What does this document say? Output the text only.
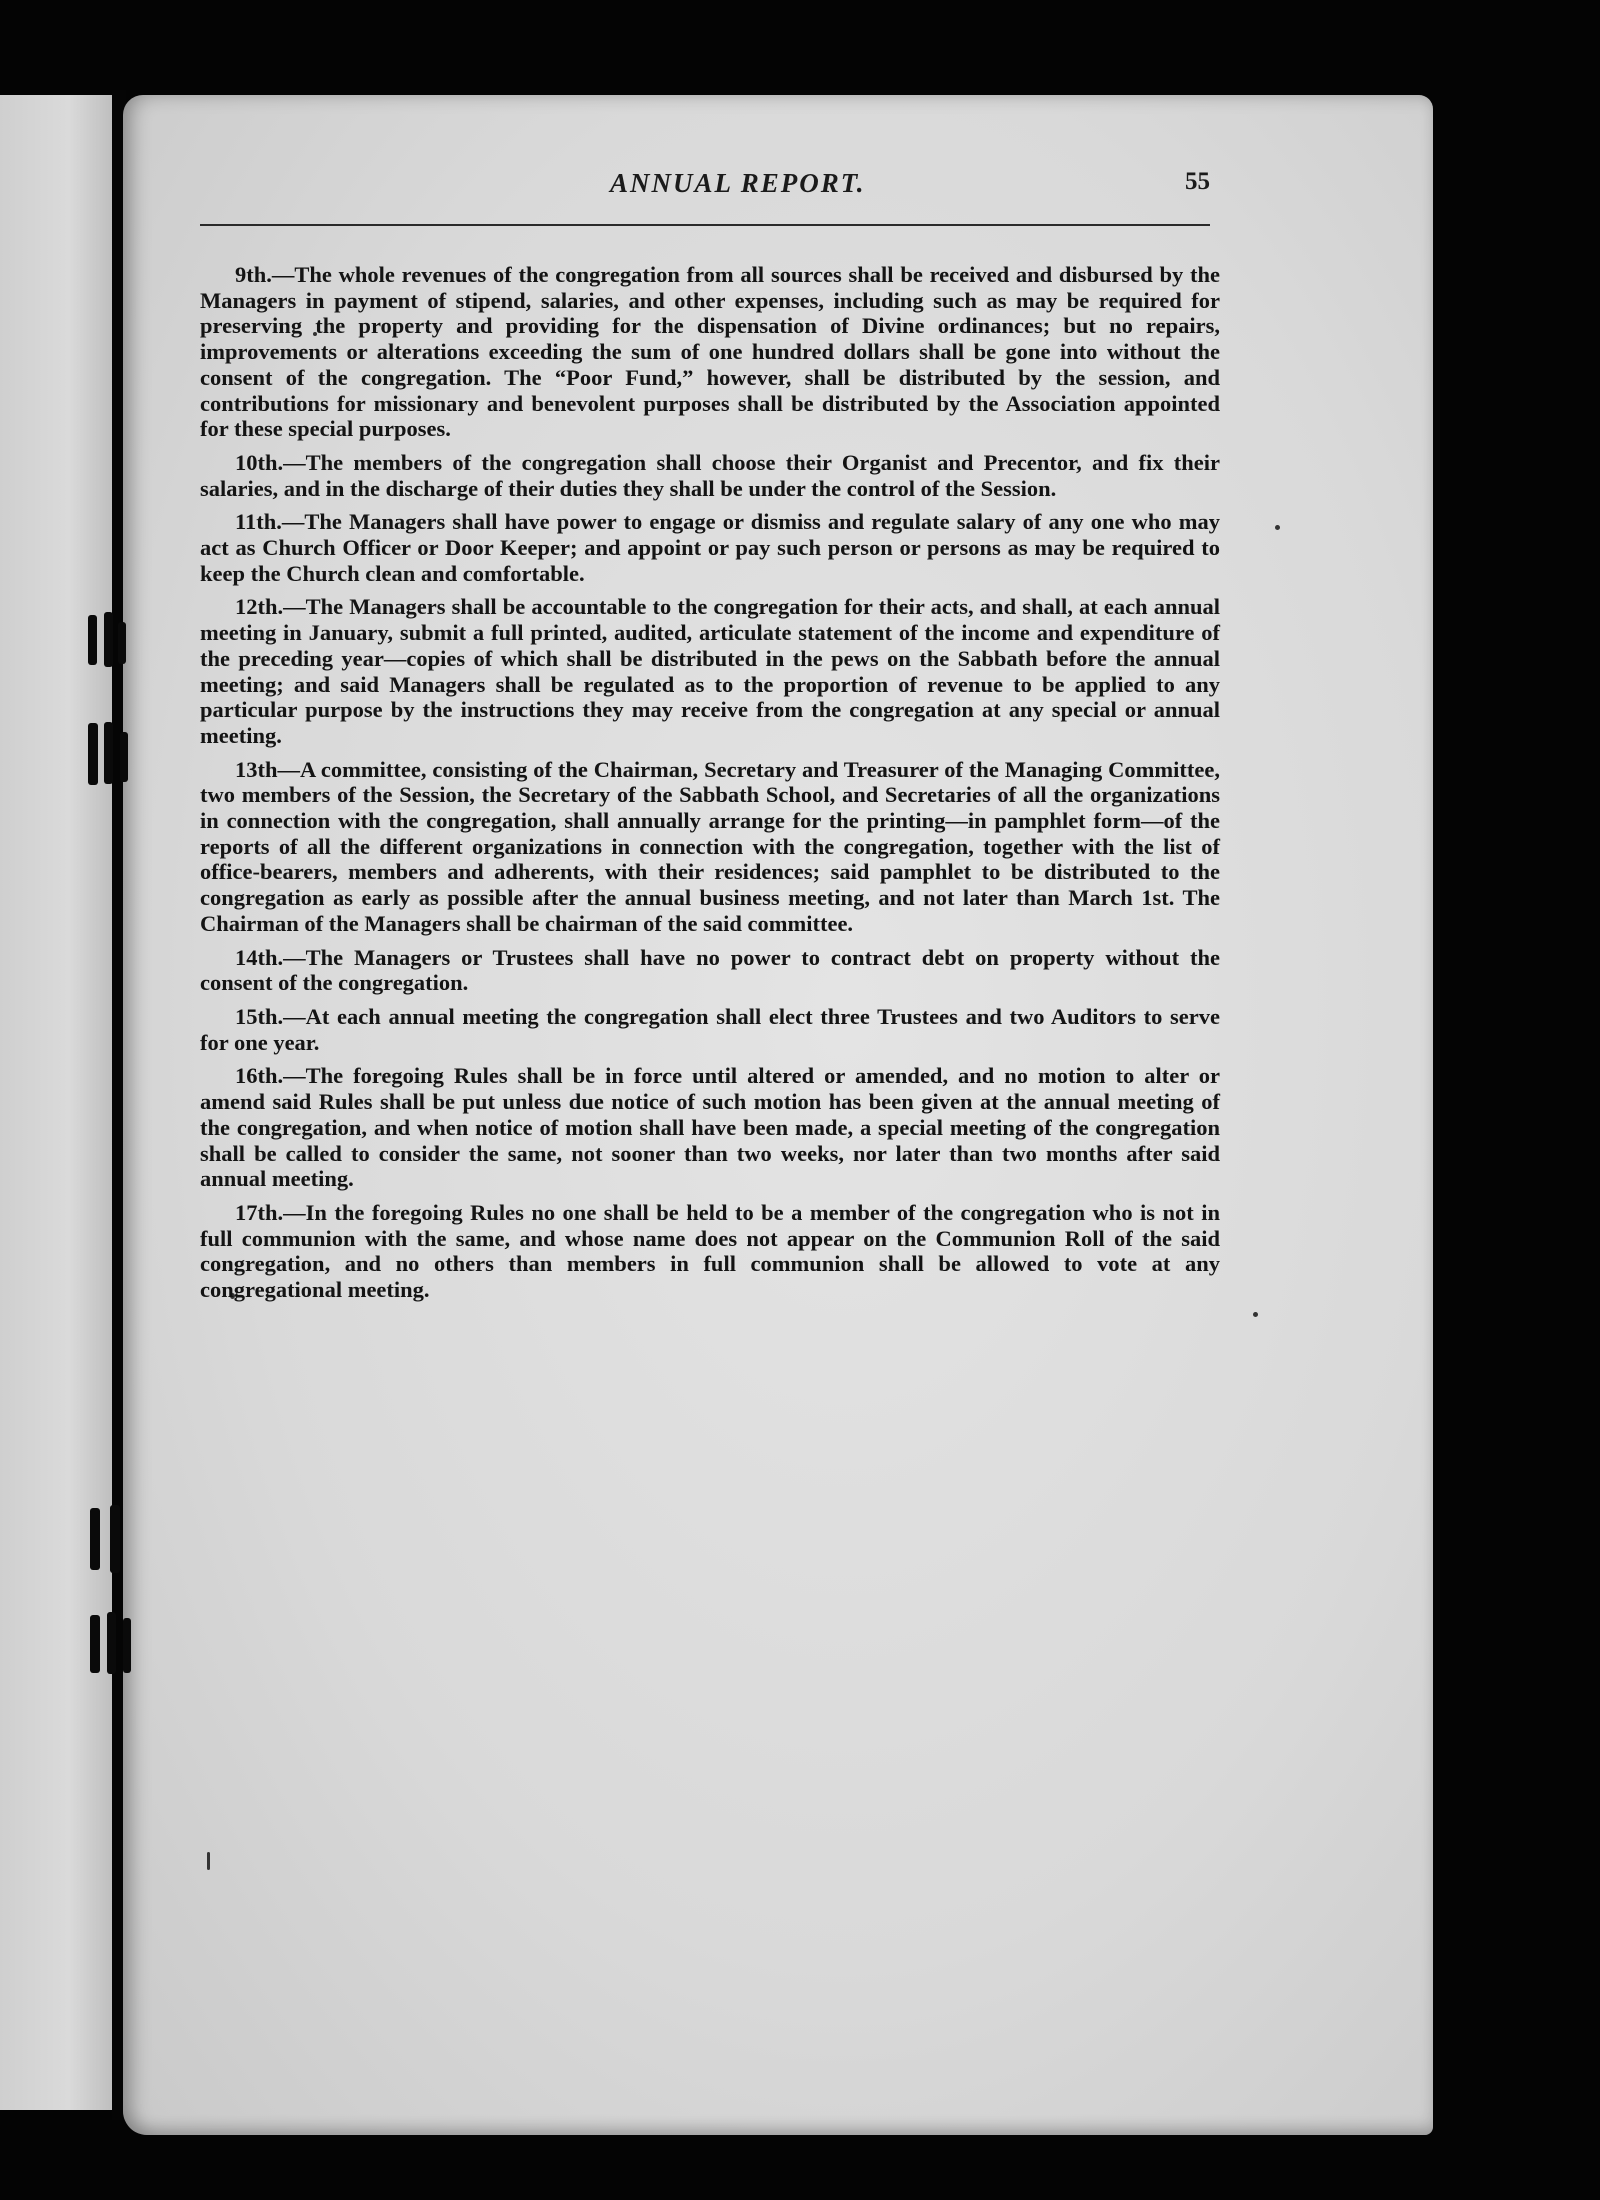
ANNUAL REPORT.	55

9th.—The whole revenues of the congregation from all sources shall be received and disbursed by the Managers in payment of stipend, salaries, and other expenses, including such as may be required for preserving the property and providing for the dispensation of Divine ordinances; but no repairs, improvements or alterations exceeding the sum of one hundred dollars shall be gone into without the consent of the congregation. The “Poor Fund,” however, shall be distributed by the session, and contributions for missionary and benevolent purposes shall be distributed by the Association appointed for these special purposes.

10th.—The members of the congregation shall choose their Organist and Precentor, and fix their salaries, and in the discharge of their duties they shall be under the control of the Session.

11th.—The Managers shall have power to engage or dismiss and regulate salary of any one who may act as Church Officer or Door Keeper; and appoint or pay such person or persons as may be required to keep the Church clean and comfortable.

12th.—The Managers shall be accountable to the congregation for their acts, and shall, at each annual meeting in January, submit a full printed, audited, articulate statement of the income and expenditure of the preceding year—copies of which shall be distributed in the pews on the Sabbath before the annual meeting; and said Managers shall be regulated as to the proportion of revenue to be applied to any particular purpose by the instructions they may receive from the congregation at any special or annual meeting.

13th—A committee, consisting of the Chairman, Secretary and Treasurer of the Managing Committee, two members of the Session, the Secretary of the Sabbath School, and Secretaries of all the organizations in connection with the congregation, shall annually arrange for the printing—in pamphlet form—of the reports of all the different organizations in connection with the congregation, together with the list of office-bearers, members and adherents, with their residences; said pamphlet to be distributed to the congregation as early as possible after the annual business meeting, and not later than March 1st. The Chairman of the Managers shall be chairman of the said committee.

14th.—The Managers or Trustees shall have no power to contract debt on property without the consent of the congregation.

15th.—At each annual meeting the congregation shall elect three Trustees and two Auditors to serve for one year.

16th.—The foregoing Rules shall be in force until altered or amended, and no motion to alter or amend said Rules shall be put unless due notice of such motion has been given at the annual meeting of the congregation, and when notice of motion shall have been made, a special meeting of the congregation shall be called to consider the same, not sooner than two weeks, nor later than two months after said annual meeting.

17th.—In the foregoing Rules no one shall be held to be a member of the congregation who is not in full communion with the same, and whose name does not appear on the Communion Roll of the said congregation, and no others than members in full communion shall be allowed to vote at any congregational meeting.
